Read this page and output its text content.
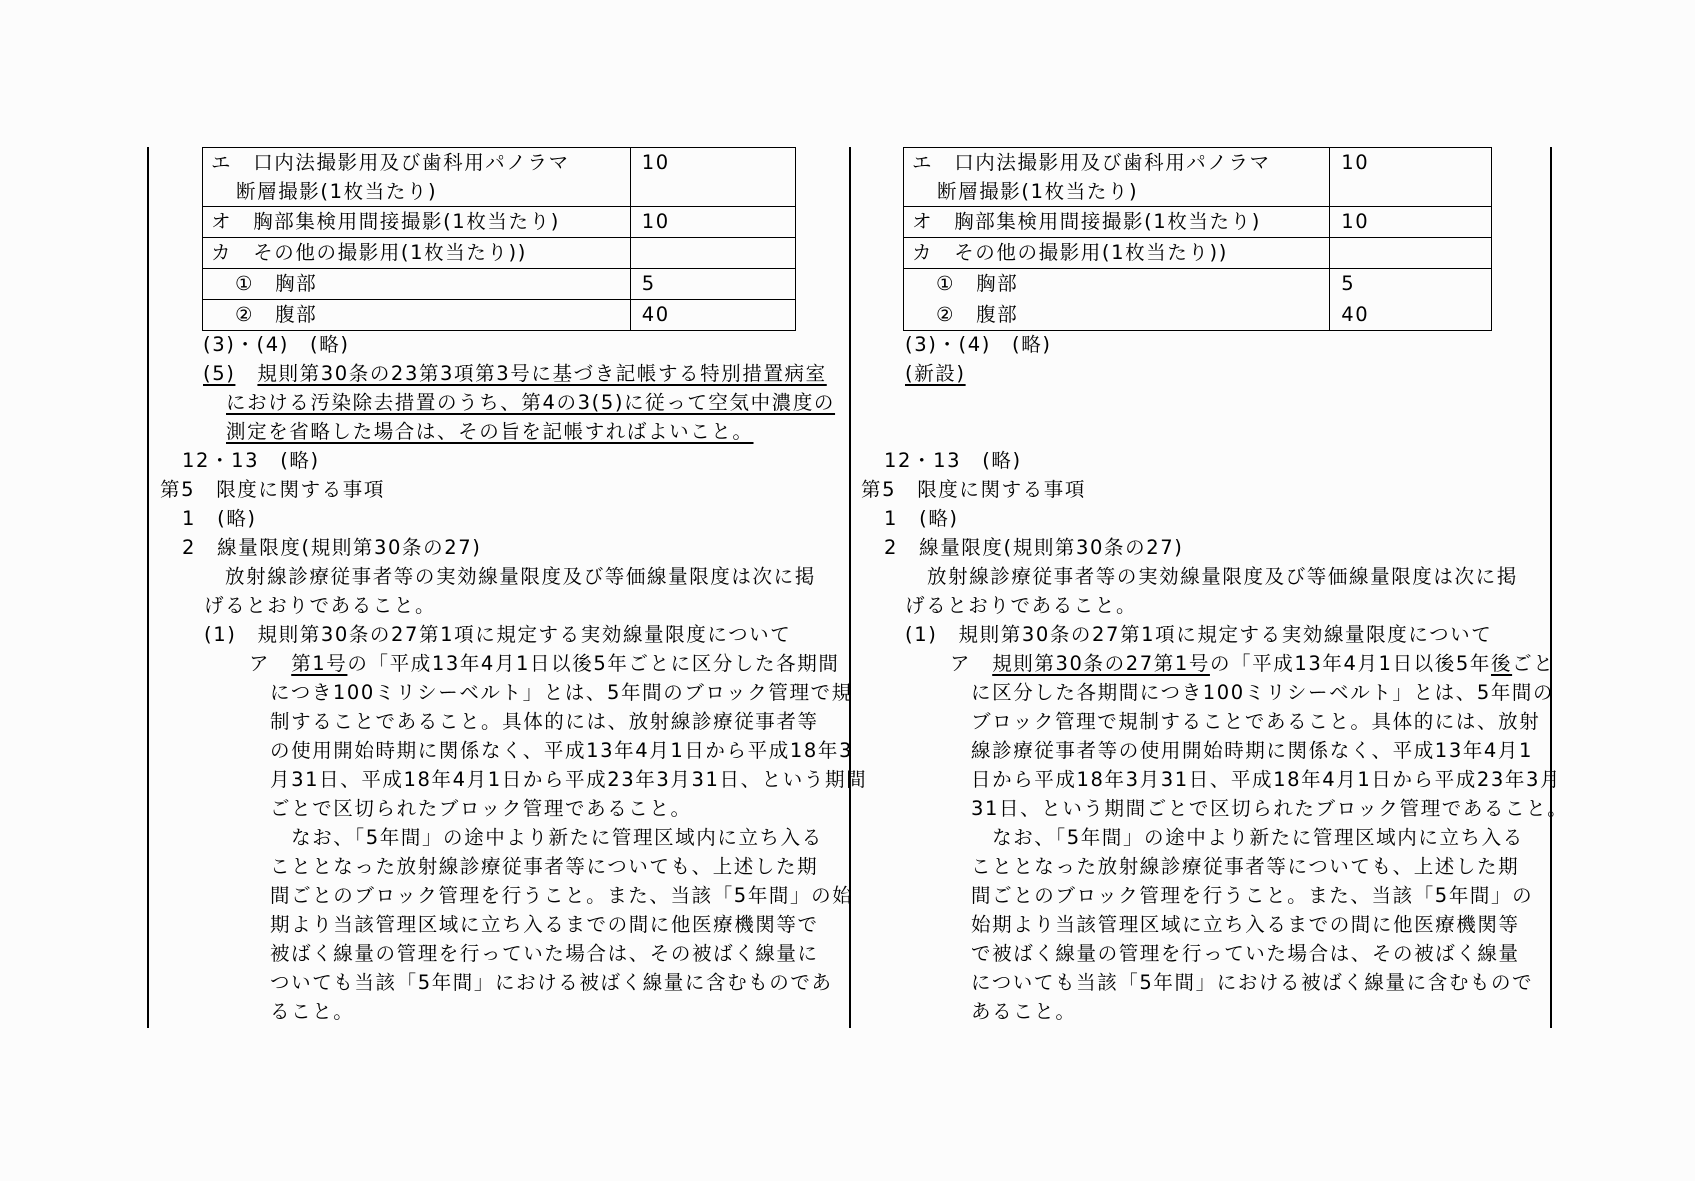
エ　口内法撮影用及び歯科用パノラマ
断層撮影(1枚当たり)	10
オ　胸部集検用間接撮影(1枚当たり)	10
カ　その他の撮影用(1枚当たり))	
①　胸部	5
②　腹部	40
(3)・(4)　(略)
(5) 規則第30条の23第3項第3号に基づき記帳する特別措置病室
における汚染除去措置のうち、第4の3(5)に従って空気中濃度の
測定を省略した場合は、その旨を記帳すればよいこと。
12・13　(略)
第5　限度に関する事項
1　(略)
2　線量限度(規則第30条の27)
放射線診療従事者等の実効線量限度及び等価線量限度は次に掲
げるとおりであること。
(1)　規則第30条の27第1項に規定する実効線量限度について
ア　第1号の「平成13年4月1日以後5年ごとに区分した各期間
につき100ミリシーベルト」とは、5年間のブロック管理で規
制することであること。具体的には、放射線診療従事者等
の使用開始時期に関係なく、平成13年4月1日から平成18年3
月31日、平成18年4月1日から平成23年3月31日、という期間
ごとで区切られたブロック管理であること。
　なお、「5年間」の途中より新たに管理区域内に立ち入る
こととなった放射線診療従事者等についても、上述した期
間ごとのブロック管理を行うこと。また、当該「5年間」の始
期より当該管理区域に立ち入るまでの間に他医療機関等で
被ばく線量の管理を行っていた場合は、その被ばく線量に
ついても当該「5年間」における被ばく線量に含むものであ
ること。
エ　口内法撮影用及び歯科用パノラマ
断層撮影(1枚当たり)	10
オ　胸部集検用間接撮影(1枚当たり)	10
カ　その他の撮影用(1枚当たり))	
①　胸部	5
②　腹部	40
(3)・(4)　(略)
(新設)
12・13　(略)
第5　限度に関する事項
1　(略)
2　線量限度(規則第30条の27)
放射線診療従事者等の実効線量限度及び等価線量限度は次に掲
げるとおりであること。
(1)　規則第30条の27第1項に規定する実効線量限度について
ア　規則第30条の27第1号の「平成13年4月1日以後5年後ごと
に区分した各期間につき100ミリシーベルト」とは、5年間の
ブロック管理で規制することであること。具体的には、放射
線診療従事者等の使用開始時期に関係なく、平成13年4月1
日から平成18年3月31日、平成18年4月1日から平成23年3月
31日、という期間ごとで区切られたブロック管理であること。
　なお、「5年間」の途中より新たに管理区域内に立ち入る
こととなった放射線診療従事者等についても、上述した期
間ごとのブロック管理を行うこと。また、当該「5年間」の
始期より当該管理区域に立ち入るまでの間に他医療機関等
で被ばく線量の管理を行っていた場合は、その被ばく線量
についても当該「5年間」における被ばく線量に含むもので
あること。
